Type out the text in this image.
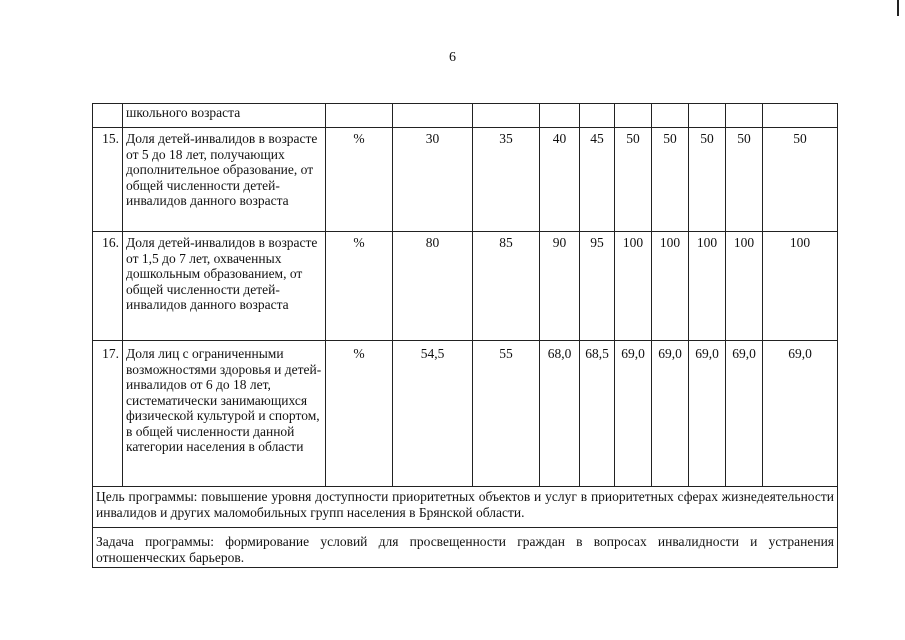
6
	школьного возраста										
15.	Доля детей-инвалидов в возрасте от 5 до 18 лет, получающих дополнительное образование, от общей численности детей-инвалидов данного возраста	%	30	35	40	45	50	50	50	50	50
16.	Доля детей-инвалидов в возрасте от 1,5 до 7 лет, охваченных дошкольным образованием, от общей численности детей-инвалидов данного возраста	%	80	85	90	95	100	100	100	100	100
17.	Доля лиц с ограниченными возможностями здоровья и детей-инвалидов от 6 до 18 лет, систематически занимающихся физической культурой и спортом, в общей численности данной категории населения в области	%	54,5	55	68,0	68,5	69,0	69,0	69,0	69,0	69,0
Цель программы: повышение уровня доступности приоритетных объектов и услуг в приоритетных сферах жизнедеятельности инвалидов и других маломобильных групп населения в Брянской области.											
Задача программы: формирование условий для просвещенности граждан в вопросах инвалидности и устранения отношенческих барьеров.											
